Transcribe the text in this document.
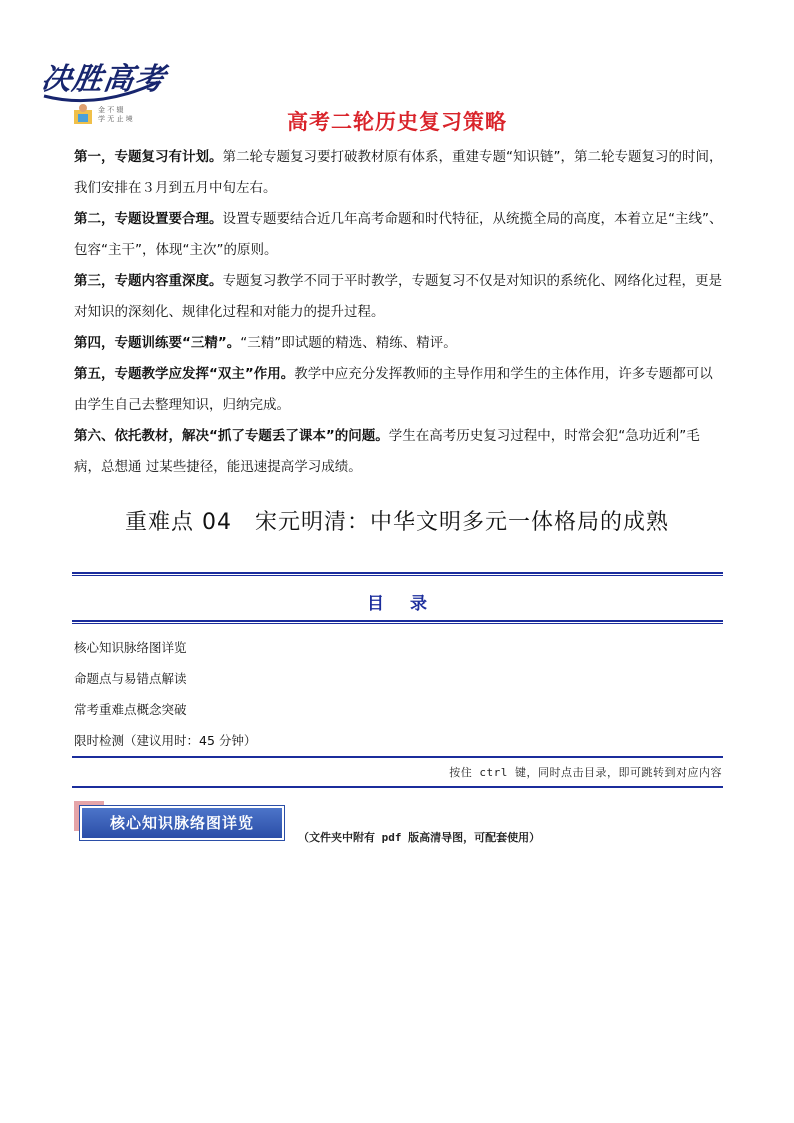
决胜高考
金 不 辍
学 无 止 境	高考二轮历史复习策略

第一，专题复习有计划。第二轮专题复习要打破教材原有体系，重建专题“知识链”，第二轮专题复习的时间，我们安排在３月到五月中旬左右。

第二，专题设置要合理。设置专题要结合近几年高考命题和时代特征，从统揽全局的高度，本着立足“主线”、包容“主干”，体现“主次”的原则。

第三，专题内容重深度。专题复习教学不同于平时教学，专题复习不仅是对知识的系统化、网络化过程，更是对知识的深刻化、规律化过程和对能力的提升过程。

第四，专题训练要“三精”。“三精”即试题的精选、精练、精评。

第五，专题教学应发挥“双主”作用。教学中应充分发挥教师的主导作用和学生的主体作用，许多专题都可以由学生自己去整理知识，归纳完成。

第六、依托教材，解决“抓了专题丢了课本”的问题。学生在高考历史复习过程中，时常会犯“急功近利”毛病，总想通 过某些捷径，能迅速提高学习成绩。

重难点 04　宋元明清：中华文明多元一体格局的成熟
目录
核心知识脉络图详览
命题点与易错点解读
常考重难点概念突破
限时检测（建议用时：45 分钟）
按住 ctrl 键，同时点击目录，即可跳转到对应内容
核心知识脉络图详览
（文件夹中附有 pdf 版高清导图，可配套使用）
